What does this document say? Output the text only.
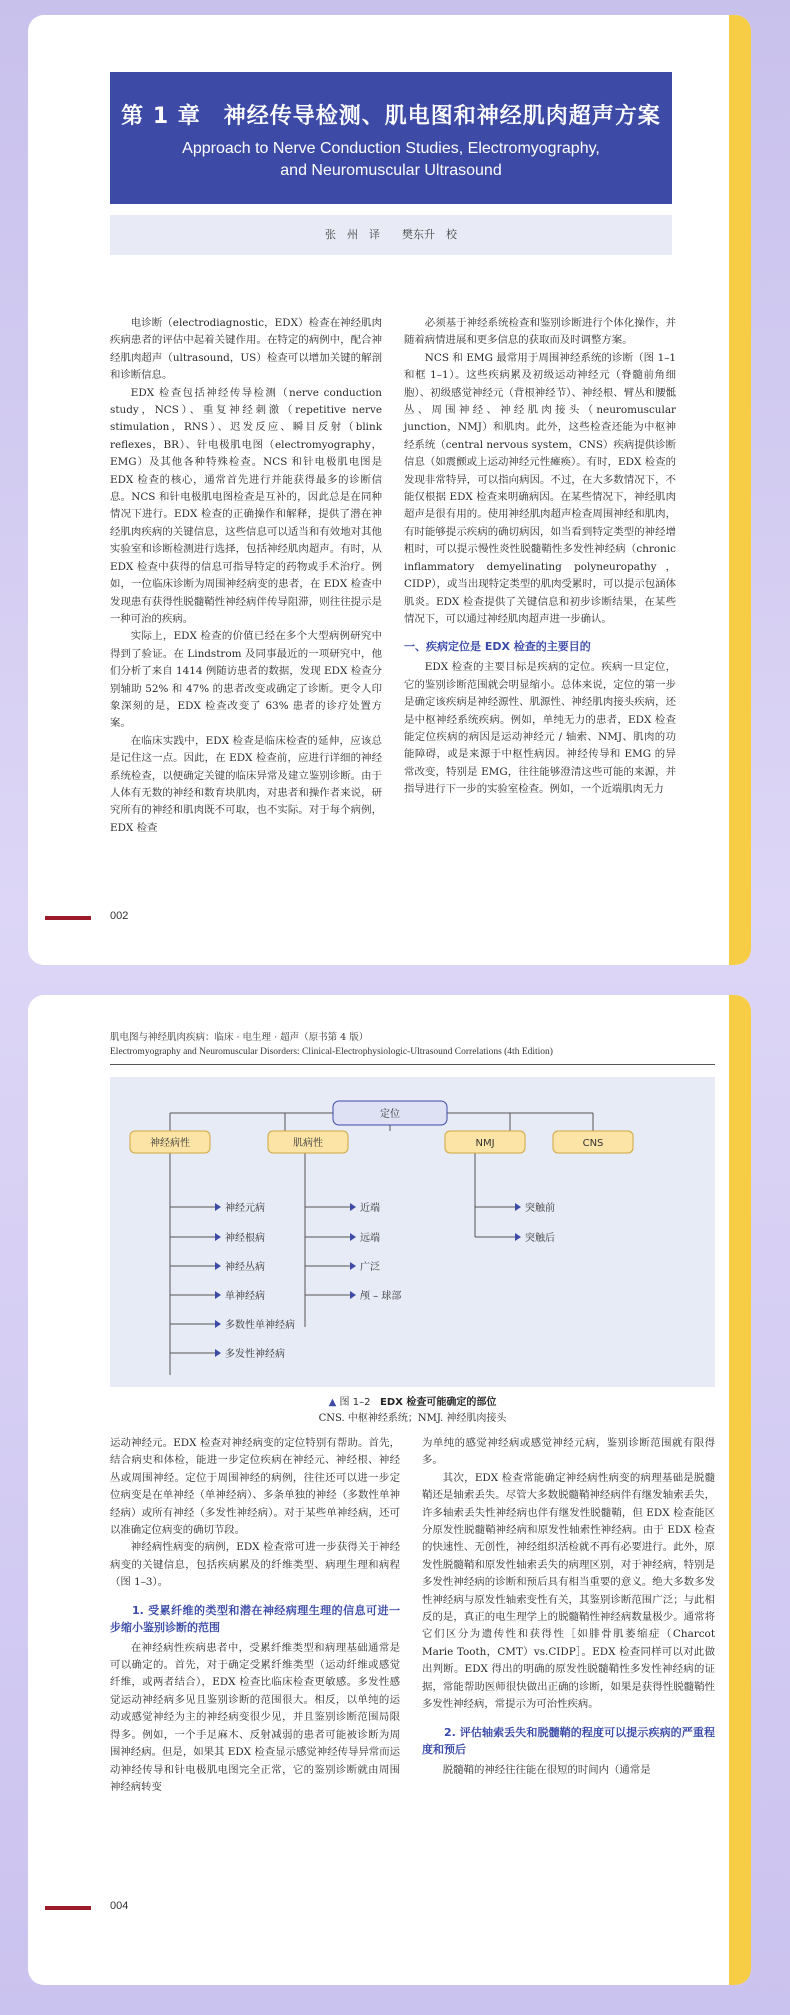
第 1 章　神经传导检测、肌电图和神经肌肉超声方案
Approach to Nerve Conduction Studies, Electromyography, and Neuromuscular Ultrasound
张　州　译　　樊东升　校

电诊断（electrodiagnostic，EDX）检查在神经肌肉疾病患者的评估中起着关键作用。在特定的病例中，配合神经肌肉超声（ultrasound，US）检查可以增加关键的解剖和诊断信息。

EDX 检查包括神经传导检测（nerve conduction study，NCS）、重复神经刺激（repetitive nerve stimulation，RNS）、迟发反应、瞬目反射（blink reflexes，BR）、针电极肌电图（electromyography，EMG）及其他各种特殊检查。NCS 和针电极肌电图是 EDX 检查的核心，通常首先进行并能获得最多的诊断信息。NCS 和针电极肌电图检查是互补的，因此总是在同种情况下进行。EDX 检查的正确操作和解释，提供了潜在神经肌肉疾病的关键信息，这些信息可以适当和有效地对其他实验室和诊断检测进行选择，包括神经肌肉超声。有时，从 EDX 检查中获得的信息可指导特定的药物或手术治疗。例如，一位临床诊断为周围神经病变的患者，在 EDX 检查中发现患有获得性脱髓鞘性神经病伴传导阻滞，则往往提示是一种可治的疾病。

实际上，EDX 检查的价值已经在多个大型病例研究中得到了验证。在 Lindstrom 及同事最近的一项研究中，他们分析了来自 1414 例随访患者的数据，发现 EDX 检查分别辅助 52% 和 47% 的患者改变或确定了诊断。更令人印象深刻的是，EDX 检查改变了 63% 患者的诊疗处置方案。

在临床实践中，EDX 检查是临床检查的延伸，应该总是记住这一点。因此，在 EDX 检查前，应进行详细的神经系统检查，以便确定关键的临床异常及建立鉴别诊断。由于人体有无数的神经和数育块肌肉，对患者和操作者来说，研究所有的神经和肌肉既不可取，也不实际。对于每个病例，EDX 检查

必须基于神经系统检查和鉴别诊断进行个体化操作，并随着病情进展和更多信息的获取而及时调整方案。

NCS 和 EMG 最常用于周围神经系统的诊断（图 1–1 和框 1–1）。这些疾病累及初级运动神经元（脊髓前角细胞）、初级感觉神经元（背根神经节）、神经根、臂丛和腰骶丛、周围神经、神经肌肉接头（neuromuscular junction，NMJ）和肌肉。此外，这些检查还能为中枢神经系统（central nervous system，CNS）疾病提供诊断信息（如震颤或上运动神经元性瘫痪）。有时，EDX 检查的发现非常特异，可以指向病因。不过，在大多数情况下，不能仅根据 EDX 检查来明确病因。在某些情况下，神经肌肉超声是很有用的。使用神经肌肉超声检查周围神经和肌肉，有时能够提示疾病的确切病因，如当看到特定类型的神经增粗时，可以提示慢性炎性脱髓鞘性多发性神经病（chronic inflammatory demyelinating polyneuropathy，CIDP），或当出现特定类型的肌肉受累时，可以提示包涵体肌炎。EDX 检查提供了关键信息和初步诊断结果，在某些情况下，可以通过神经肌肉超声进一步确认。

一、疾病定位是 EDX 检查的主要目的

EDX 检查的主要目标是疾病的定位。疾病一旦定位，它的鉴别诊断范围就会明显缩小。总体来说，定位的第一步是确定该疾病是神经源性、肌源性、神经肌肉接头疾病，还是中枢神经系统疾病。例如，单纯无力的患者，EDX 检查能定位疾病的病因是运动神经元 / 轴索、NMJ、肌肉的功能障碍，或是来源于中枢性病因。神经传导和 EMG 的异常改变，特别是 EMG，往往能够澄清这些可能的来源，并指导进行下一步的实验室检查。例如，一个近端肌肉无力

002
肌电图与神经肌肉疾病：临床 · 电生理 · 超声（原书第 4 版）
Electromyography and Neuromuscular Disorders: Clinical-Electrophysiologic-Ultrasound Correlations (4th Edition)
定位
神经病性	肌病性	NMJ	CNS
神经元病
神经根病
神经丛病
单神经病
多数性单神经病
多发性神经病
近端
远端
广泛
颅 – 球部
突触前
突触后
▲ 图 1–2 EDX 检查可能确定的部位
CNS. 中枢神经系统；NMJ. 神经肌肉接头

运动神经元。EDX 检查对神经病变的定位特别有帮助。首先，结合病史和体检，能进一步定位疾病在神经元、神经根、神经丛或周围神经。定位于周围神经的病例，往往还可以进一步定位病变是在单神经（单神经病）、多条单独的神经（多数性单神经病）或所有神经（多发性神经病）。对于某些单神经病，还可以准确定位病变的确切节段。

神经病性病变的病例，EDX 检查常可进一步获得关于神经病变的关键信息，包括疾病累及的纤维类型、病理生理和病程（图 1–3）。

1. 受累纤维的类型和潜在神经病理生理的信息可进一步缩小鉴别诊断的范围

在神经病性疾病患者中，受累纤维类型和病理基础通常是可以确定的。首先，对于确定受累纤维类型（运动纤维或感觉纤维，或两者结合），EDX 检查比临床检查更敏感。多发性感觉运动神经病多见且鉴别诊断的范围很大。相反，以单纯的运动或感觉神经为主的神经病变很少见，并且鉴别诊断范围局限得多。例如，一个手足麻木、反射减弱的患者可能被诊断为周围神经病。但是，如果其 EDX 检查显示感觉神经传导异常而运动神经传导和针电极肌电图完全正常，它的鉴别诊断就由周围神经病转变

为单纯的感觉神经病或感觉神经元病，鉴别诊断范围就有限得多。

其次，EDX 检查常能确定神经病性病变的病理基础是脱髓鞘还是轴索丢失。尽管大多数脱髓鞘神经病伴有继发轴索丢失，许多轴索丢失性神经病也伴有继发性脱髓鞘，但 EDX 检查能区分原发性脱髓鞘神经病和原发性轴索性神经病。由于 EDX 检查的快速性、无创性，神经组织活检就不再有必要进行。此外，原发性脱髓鞘和原发性轴索丢失的病理区别，对于神经病，特别是多发性神经病的诊断和预后具有相当重要的意义。绝大多数多发性神经病与原发性轴索变性有关，其鉴别诊断范围广泛；与此相反的是，真正的电生理学上的脱髓鞘性神经病数量极少。通常将它们区分为遗传性和获得性［如腓骨肌萎缩症（Charcot Marie Tooth，CMT）vs.CIDP］。EDX 检查同样可以对此做出判断。EDX 得出的明确的原发性脱髓鞘性多发性神经病的证据，常能帮助医师很快做出正确的诊断，如果是获得性脱髓鞘性多发性神经病，常提示为可治性疾病。

2. 评估轴索丢失和脱髓鞘的程度可以提示疾病的严重程度和预后

脱髓鞘的神经往往能在很短的时间内（通常是

004
